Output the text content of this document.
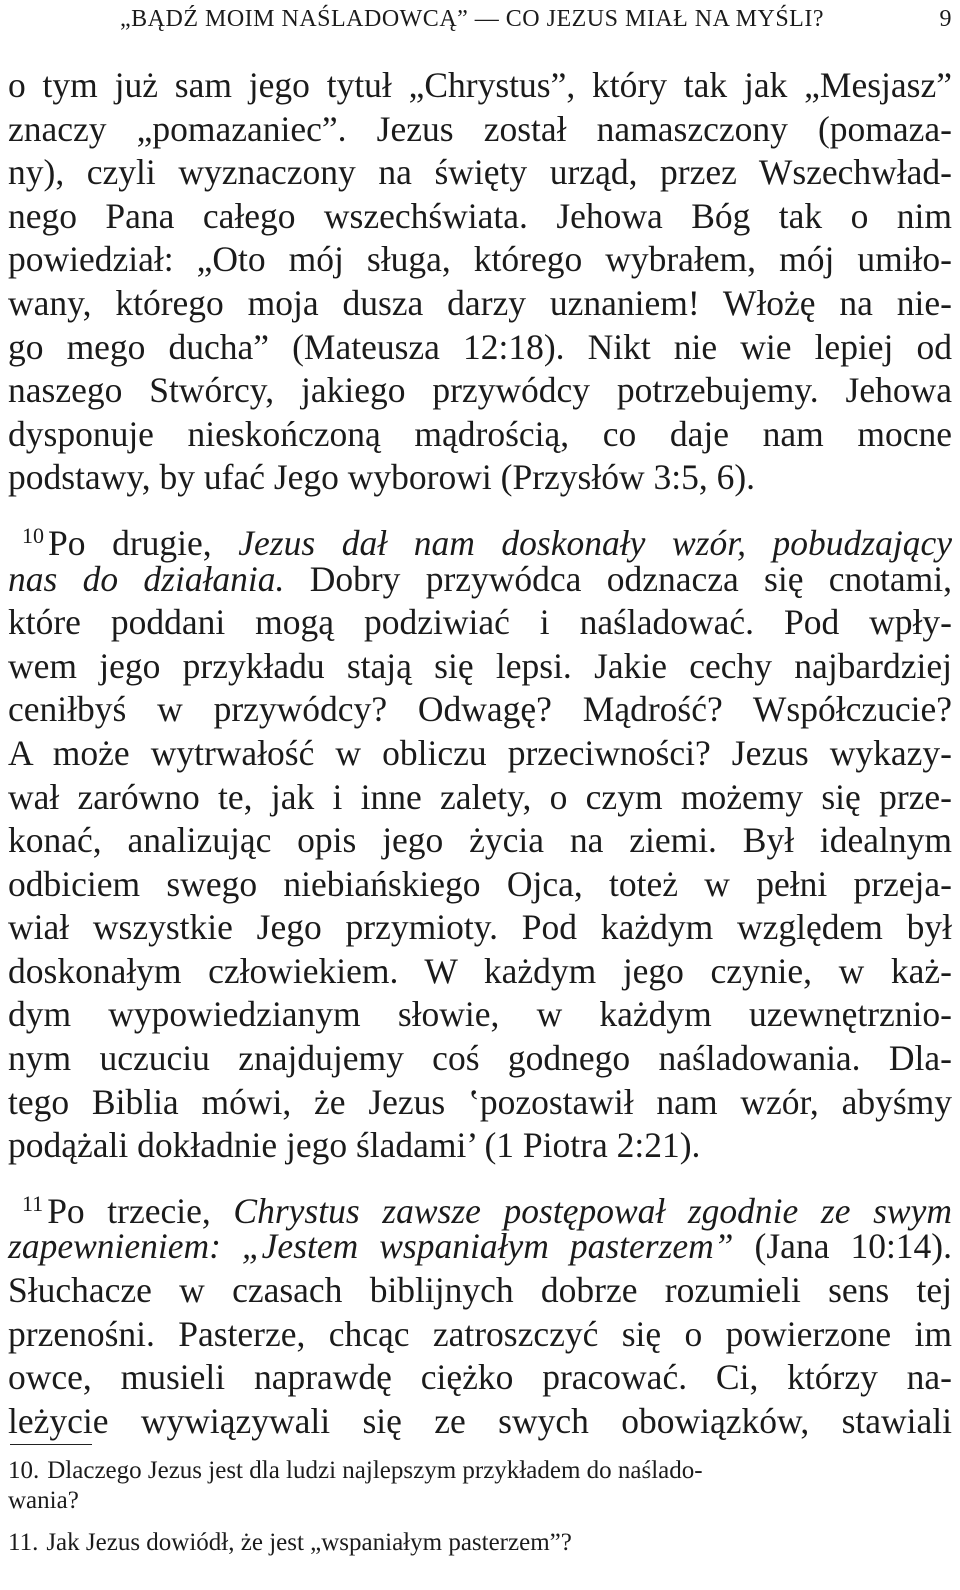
„BĄDŹ MOIM NAŚLADOWCĄ” — CO JEZUS MIAŁ NA MYŚLI?	9
o tym już sam jego tytuł „Chrystus”, który tak jak „Mesjasz”
znaczy „pomazaniec”. Jezus został namaszczony (pomaza-
ny), czyli wyznaczony na święty urząd, przez Wszechwład-
nego Pana całego wszechświata. Jehowa Bóg tak o nim
powiedział: „Oto mój sługa, którego wybrałem, mój umiło-
wany, którego moja dusza darzy uznaniem! Włożę na nie-
go mego ducha” (Mateusza 12:18). Nikt nie wie lepiej od
naszego Stwórcy, jakiego przywódcy potrzebujemy. Jehowa
dysponuje nieskończoną mądrością, co daje nam mocne
podstawy, by ufać Jego wyborowi (Przysłów 3:5, 6).
$^{10}$ Po drugie, Jezus dał nam doskonały wzór, pobudzający
nas do działania. Dobry przywódca odznacza się cnotami,
które poddani mogą podziwiać i naśladować. Pod wpły-
wem jego przykładu stają się lepsi. Jakie cechy najbardziej
ceniłbyś w przywódcy? Odwagę? Mądrość? Współczucie?
A może wytrwałość w obliczu przeciwności? Jezus wykazy-
wał zarówno te, jak i inne zalety, o czym możemy się prze-
konać, analizując opis jego życia na ziemi. Był idealnym
odbiciem swego niebiańskiego Ojca, toteż w pełni przeja-
wiał wszystkie Jego przymioty. Pod każdym względem był
doskonałym człowiekiem. W każdym jego czynie, w każ-
dym wypowiedzianym słowie, w każdym uzewnętrznio-
nym uczuciu znajdujemy coś godnego naśladowania. Dla-
tego Biblia mówi, że Jezus ‛pozostawił nam wzór, abyśmy
podążali dokładnie jego śladami’ (1 Piotra 2:21).
$^{11}$ Po trzecie, Chrystus zawsze postępował zgodnie ze swym
zapewnieniem: „Jestem wspaniałym pasterzem” (Jana 10:14).
Słuchacze w czasach biblijnych dobrze rozumieli sens tej
przenośni. Pasterze, chcąc zatroszczyć się o powierzone im
owce, musieli naprawdę ciężko pracować. Ci, którzy na-
leżycie wywiązywali się ze swych obowiązków, stawiali
10. Dlaczego Jezus jest dla ludzi najlepszym przykładem do naślado-
wania?
11. Jak Jezus dowiódł, że jest „wspaniałym pasterzem”?
